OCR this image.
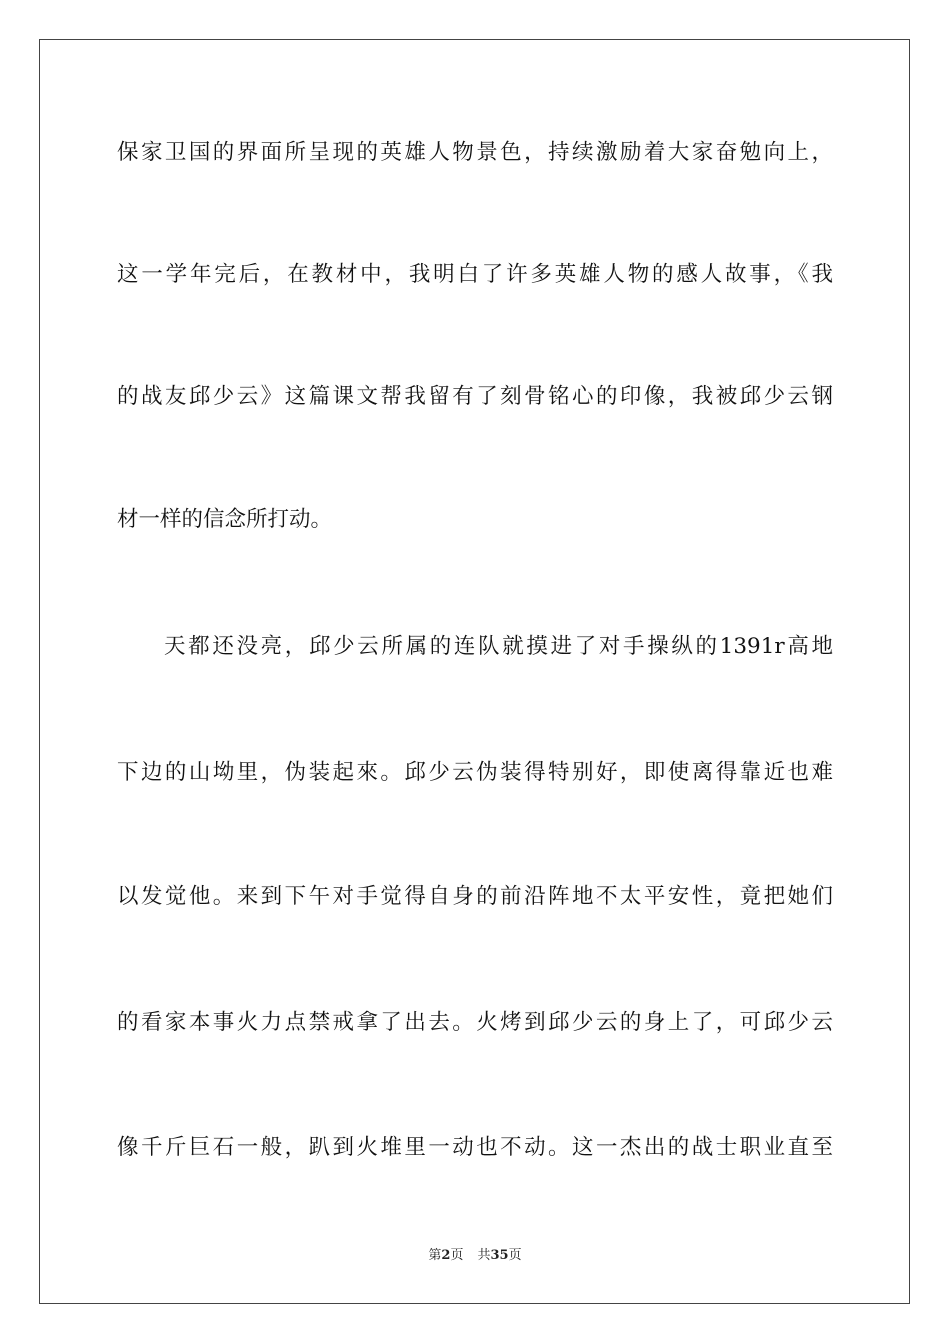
保家卫国的界面所呈现的英雄人物景色，持续激励着大家奋勉向上，
这一学年完后，在教材中，我明白了许多英雄人物的感人故事，《我
的战友邱少云》这篇课文帮我留有了刻骨铭心的印像，我被邱少云钢
材一样的信念所打动。
天都还没亮，邱少云所属的连队就摸进了对手操纵的1391r高地
下边的山坳里，伪装起來。邱少云伪装得特别好，即使离得靠近也难
以发觉他。来到下午对手觉得自身的前沿阵地不太平安性，竟把她们
的看家本事火力点禁戒拿了出去。火烤到邱少云的身上了，可邱少云
像千斤巨石一般，趴到火堆里一动也不动。这一杰出的战士职业直至
第2页 共35页
